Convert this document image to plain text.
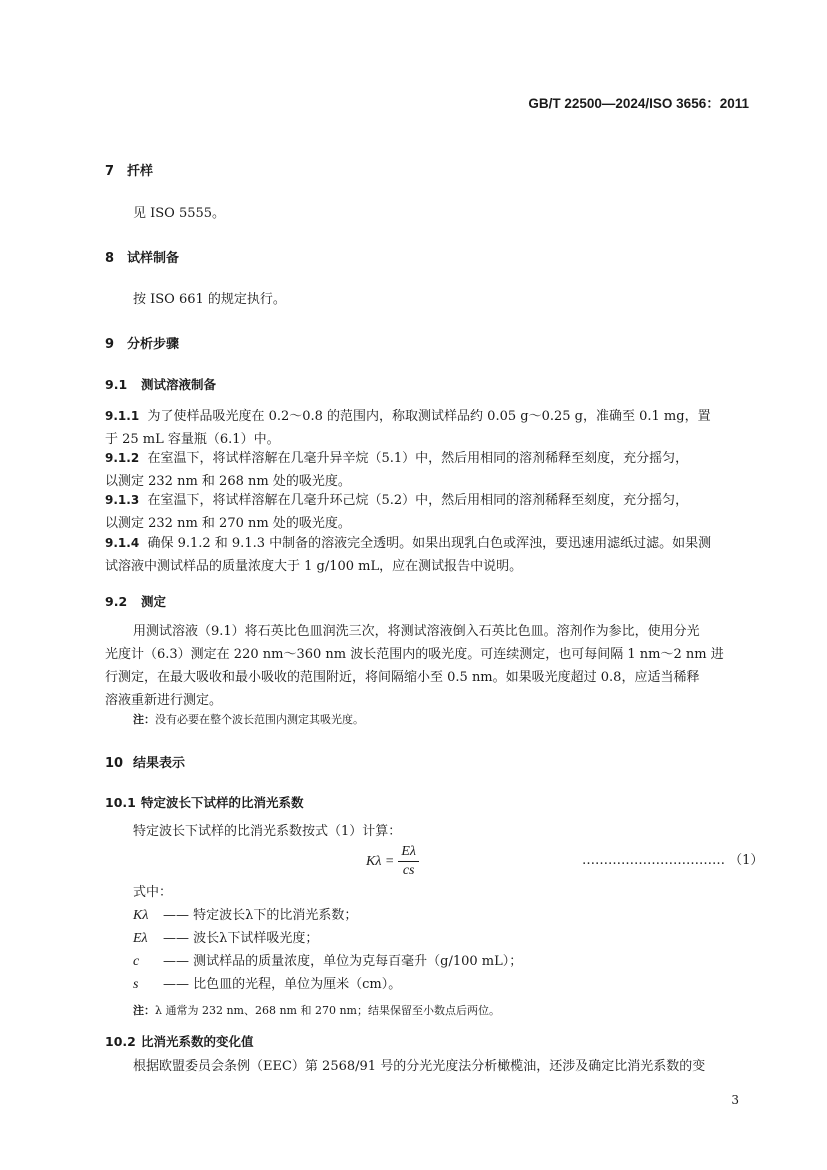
GB/T 22500—2024/ISO 3656：2011
7 扦样
见 ISO 5555。
8 试样制备
按 ISO 661 的规定执行。
9 分析步骤
9.1 测试溶液制备
9.1.1 为了使样品吸光度在 0.2～0.8 的范围内，称取测试样品约 0.05 g～0.25 g，准确至 0.1 mg，置
于 25 mL 容量瓶（6.1）中。
9.1.2 在室温下，将试样溶解在几毫升异辛烷（5.1）中，然后用相同的溶剂稀释至刻度，充分摇匀，
以测定 232 nm 和 268 nm 处的吸光度。
9.1.3 在室温下，将试样溶解在几毫升环己烷（5.2）中，然后用相同的溶剂稀释至刻度，充分摇匀，
以测定 232 nm 和 270 nm 处的吸光度。
9.1.4 确保 9.1.2 和 9.1.3 中制备的溶液完全透明。如果出现乳白色或浑浊，要迅速用滤纸过滤。如果测
试溶液中测试样品的质量浓度大于 1 g/100 mL，应在测试报告中说明。
9.2 测定
用测试溶液（9.1）将石英比色皿润洗三次，将测试溶液倒入石英比色皿。溶剂作为参比，使用分光
光度计（6.3）测定在 220 nm～360 nm 波长范围内的吸光度。可连续测定，也可每间隔 1 nm～2 nm 进
行测定，在最大吸收和最小吸收的范围附近，将间隔缩小至 0.5 nm。如果吸光度超过 0.8，应适当稀释
溶液重新进行测定。
注：没有必要在整个波长范围内测定其吸光度。
10 结果表示
10.1 特定波长下试样的比消光系数
特定波长下试样的比消光系数按式（1）计算：
$K\lambda = \frac{E\lambda}{cs}$	…………………………… （1）
式中：
Kλ —— 特定波长λ下的比消光系数；
Eλ —— 波长λ下试样吸光度；
c —— 测试样品的质量浓度，单位为克每百毫升（g/100 mL）；
s —— 比色皿的光程，单位为厘米（cm）。
注：λ 通常为 232 nm、268 nm 和 270 nm；结果保留至小数点后两位。
10.2 比消光系数的变化值
根据欧盟委员会条例（EEC）第 2568/91 号的分光光度法分析橄榄油，还涉及确定比消光系数的变
3
